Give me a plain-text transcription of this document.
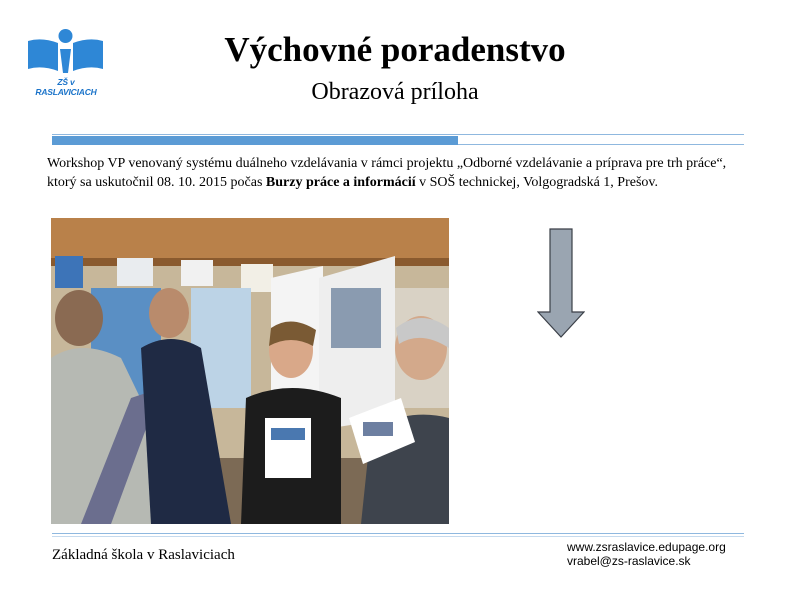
ZŠ v RASLAVICIACH
Výchovné poradenstvo
Obrazová príloha
Workshop VP venovaný systému duálneho vzdelávania v rámci projektu „Odborné vzdelávanie a príprava pre trh práce“, ktorý sa uskutočnil 08. 10. 2015 počas Burzy práce a informácií v SOŠ technickej, Volgogradská 1, Prešov.
Základná škola v Raslaviciach	www.zsraslavice.edupage.org
vrabel@zs-raslavice.sk
